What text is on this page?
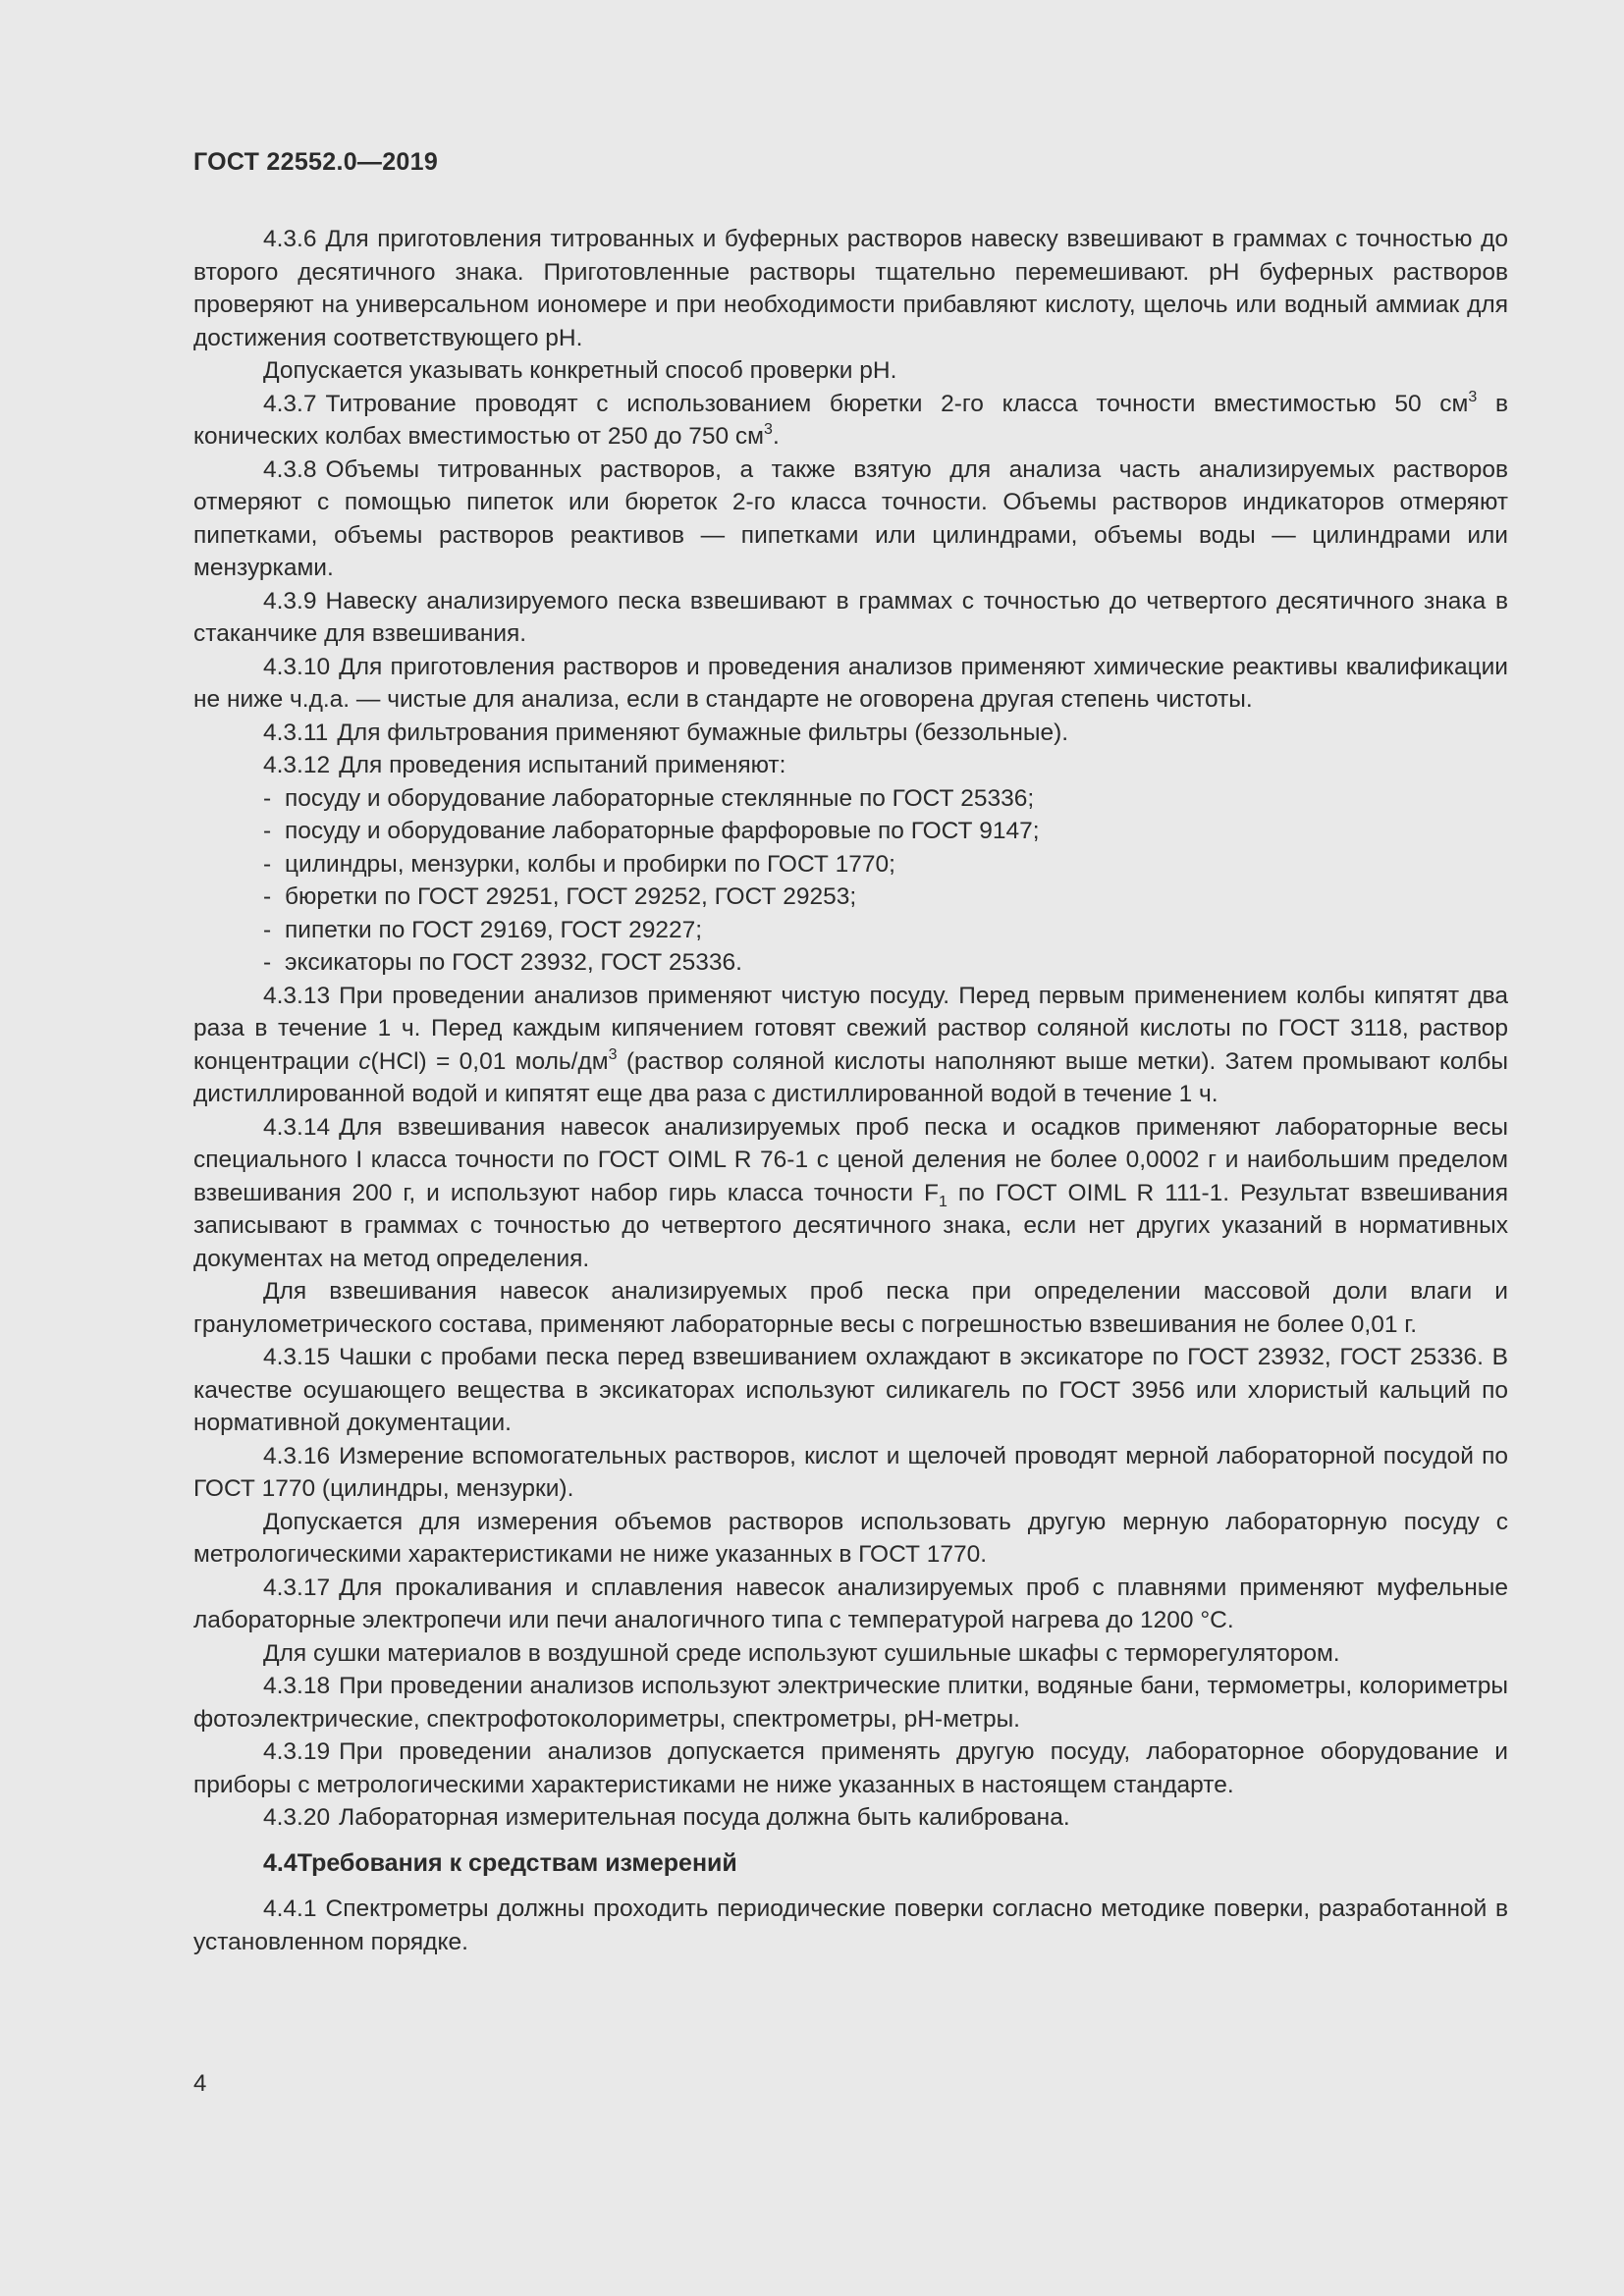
ГОСТ 22552.0—2019
4.3.6 Для приготовления титрованных и буферных растворов навеску взвешивают в граммах с точностью до второго десятичного знака. Приготовленные растворы тщательно перемешивают. pH буферных растворов проверяют на универсальном иономере и при необходимости прибавляют кислоту, щелочь или водный аммиак для достижения соответствующего pH.
Допускается указывать конкретный способ проверки pH.
4.3.7 Титрование проводят с использованием бюретки 2-го класса точности вместимостью 50 $см^3$ в конических колбах вместимостью от 250 до 750 $см^3$.
4.3.8 Объемы титрованных растворов, а также взятую для анализа часть анализируемых растворов отмеряют с помощью пипеток или бюреток 2-го класса точности. Объемы растворов индикаторов отмеряют пипетками, объемы растворов реактивов — пипетками или цилиндрами, объемы воды — цилиндрами или мензурками.
4.3.9 Навеску анализируемого песка взвешивают в граммах с точностью до четвертого десятичного знака в стаканчике для взвешивания.
4.3.10 Для приготовления растворов и проведения анализов применяют химические реактивы квалификации не ниже ч.д.а. — чистые для анализа, если в стандарте не оговорена другая степень чистоты.
4.3.11 Для фильтрования применяют бумажные фильтры (беззольные).
4.3.12 Для проведения испытаний применяют:
- посуду и оборудование лабораторные стеклянные по ГОСТ 25336;
- посуду и оборудование лабораторные фарфоровые по ГОСТ 9147;
- цилиндры, мензурки, колбы и пробирки по ГОСТ 1770;
- бюретки по ГОСТ 29251, ГОСТ 29252, ГОСТ 29253;
- пипетки по ГОСТ 29169, ГОСТ 29227;
- эксикаторы по ГОСТ 23932, ГОСТ 25336.
4.3.13 При проведении анализов применяют чистую посуду. Перед первым применением колбы кипятят два раза в течение 1 ч. Перед каждым кипячением готовят свежий раствор соляной кислоты по ГОСТ 3118, раствор концентрации c(HCl) = 0,01 моль/$дм^3$ (раствор соляной кислоты наполняют выше метки). Затем промывают колбы дистиллированной водой и кипятят еще два раза с дистиллированной водой в течение 1 ч.
4.3.14 Для взвешивания навесок анализируемых проб песка и осадков применяют лабораторные весы специального I класса точности по ГОСТ OIML R 76-1 с ценой деления не более 0,0002 г и наибольшим пределом взвешивания 200 г, и используют набор гирь класса точности $F_1$ по ГОСТ OIML R 111-1. Результат взвешивания записывают в граммах с точностью до четвертого десятичного знака, если нет других указаний в нормативных документах на метод определения.
Для взвешивания навесок анализируемых проб песка при определении массовой доли влаги и гранулометрического состава, применяют лабораторные весы с погрешностью взвешивания не более 0,01 г.
4.3.15 Чашки с пробами песка перед взвешиванием охлаждают в эксикаторе по ГОСТ 23932, ГОСТ 25336. В качестве осушающего вещества в эксикаторах используют силикагель по ГОСТ 3956 или хлористый кальций по нормативной документации.
4.3.16 Измерение вспомогательных растворов, кислот и щелочей проводят мерной лабораторной посудой по ГОСТ 1770 (цилиндры, мензурки).
Допускается для измерения объемов растворов использовать другую мерную лабораторную посуду с метрологическими характеристиками не ниже указанных в ГОСТ 1770.
4.3.17 Для прокаливания и сплавления навесок анализируемых проб с плавнями применяют муфельные лабораторные электропечи или печи аналогичного типа с температурой нагрева до 1200 °С.
Для сушки материалов в воздушной среде используют сушильные шкафы с терморегулятором.
4.3.18 При проведении анализов используют электрические плитки, водяные бани, термометры, колориметры фотоэлектрические, спектрофотоколориметры, спектрометры, pH-метры.
4.3.19 При проведении анализов допускается применять другую посуду, лабораторное оборудование и приборы с метрологическими характеристиками не ниже указанных в настоящем стандарте.
4.3.20 Лабораторная измерительная посуда должна быть калибрована.
4.4Требования к средствам измерений
4.4.1 Спектрометры должны проходить периодические поверки согласно методике поверки, разработанной в установленном порядке.
4
